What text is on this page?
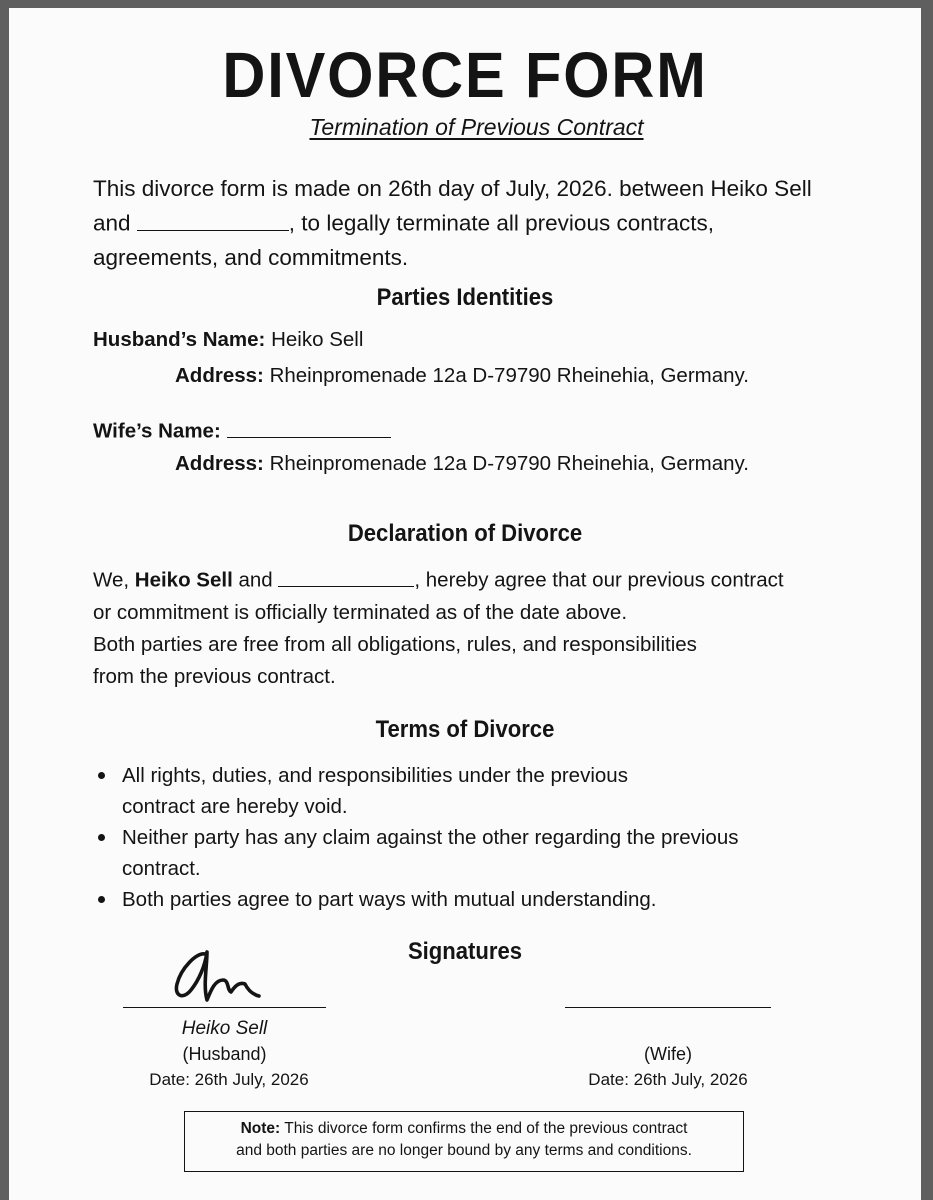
DIVORCE FORM
Termination of Previous Contract
This divorce form is made on 26th day of July, 2026. between Heiko Sell and	, to legally terminate all previous contracts, agreements, and commitments.
Parties Identities
Husband’s Name: Heiko Sell
Address: Rheinpromenade 12a D-79790 Rheinehia, Germany.
Wife’s Name:
Address: Rheinpromenade 12a D-79790 Rheinehia, Germany.
Declaration of Divorce
We, Heiko Sell and	, hereby agree that our previous contract
or commitment is officially terminated as of the date above.
Both parties are free from all obligations, rules, and responsibilities
from the previous contract.
Terms of Divorce
All rights, duties, and responsibilities under the previous contract are hereby void.
Neither party has any claim against the other regarding the previous contract.
Both parties agree to part ways with mutual understanding.
Signatures
Heiko Sell
(Husband)
Date: 26th July, 2026
(Wife)
Date: 26th July, 2026
Note: This divorce form confirms the end of the previous contract
and both parties are no longer bound by any terms and conditions.
